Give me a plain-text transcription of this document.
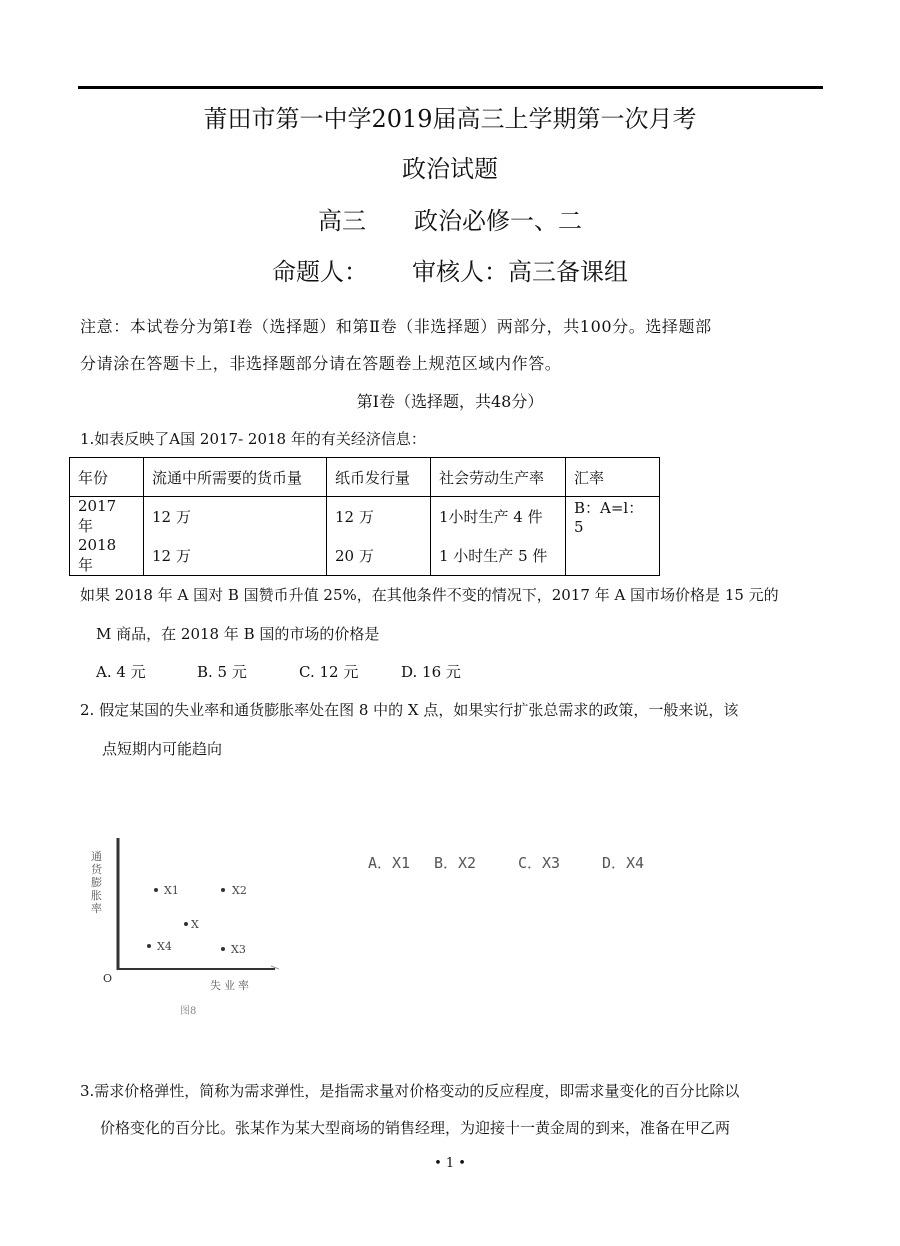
莆田市第一中学2019届高三上学期第一次月考
政治试题
高三 政治必修一、二
命题人： 审核人：高三备课组
注意：本试卷分为第Ⅰ卷（选择题）和第Ⅱ卷（非选择题）两部分，共100分。选择题部
分请涂在答题卡上，非选择题部分请在答题卷上规范区域内作答。
第Ⅰ卷（选择题，共48分）
1.如表反映了A国 2017- 2018 年的有关经济信息：
年份	流通中所需要的货币量	纸币发行量	社会劳动生产率	汇率
2017 年	12 万	12 万	1小时生产 4 件	B：A=l：5
2018 年	12 万	20 万	1 小时生产 5 件	
如果 2018 年 A 国对 B 国赞币升值 25%，在其他条件不变的情况下，2017 年 A 国市场价格是 15 元的
M 商品，在 2018 年 B 国的市场的价格是
A. 4 元	B. 5 元	C. 12 元	D. 16 元
2. 假定某国的失业率和通货膨胀率处在图 8 中的 X 点，如果实行扩张总需求的政策，一般来说，该
点短期内可能趋向
通
货
膨
胀
率
O
失业率
图8
X1	X2
X
X4	X3
A．X1 B．X2	C．X3	D．X4
3.需求价格弹性，简称为需求弹性，是指需求量对价格变动的反应程度，即需求量变化的百分比除以
价格变化的百分比。张某作为某大型商场的销售经理，为迎接十一黄金周的到来，准备在甲乙两
• 1 •
